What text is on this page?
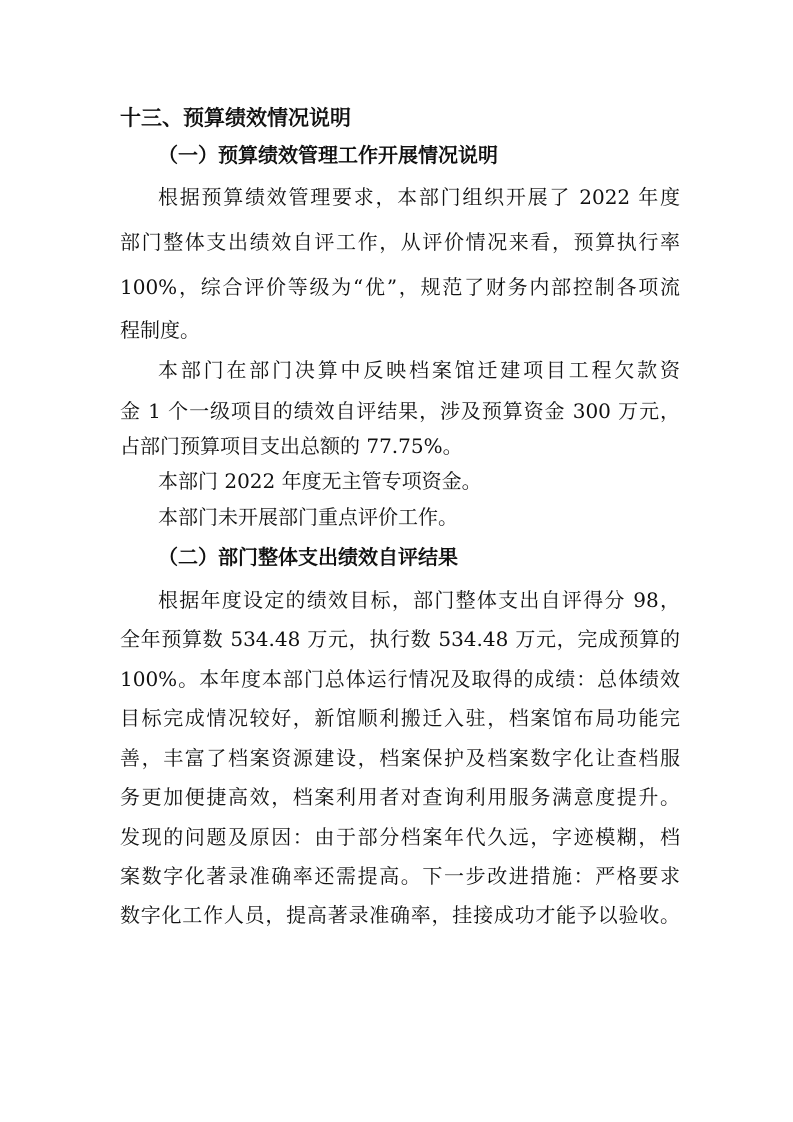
十三、预算绩效情况说明
（一）预算绩效管理工作开展情况说明
根据预算绩效管理要求，本部门组织开展了 2022 年度
部门整体支出绩效自评工作，从评价情况来看，预算执行率
100%，综合评价等级为“优”，规范了财务内部控制各项流
程制度。
本部门在部门决算中反映档案馆迁建项目工程欠款资
金 1 个一级项目的绩效自评结果，涉及预算资金 300 万元，
占部门预算项目支出总额的 77.75%。
本部门 2022 年度无主管专项资金。
本部门未开展部门重点评价工作。
（二）部门整体支出绩效自评结果
根据年度设定的绩效目标，部门整体支出自评得分 98，
全年预算数 534.48 万元，执行数 534.48 万元，完成预算的
100%。本年度本部门总体运行情况及取得的成绩：总体绩效
目标完成情况较好，新馆顺利搬迁入驻，档案馆布局功能完
善，丰富了档案资源建设，档案保护及档案数字化让查档服
务更加便捷高效，档案利用者对查询利用服务满意度提升。
发现的问题及原因：由于部分档案年代久远，字迹模糊，档
案数字化著录准确率还需提高。下一步改进措施：严格要求
数字化工作人员，提高著录准确率，挂接成功才能予以验收。
